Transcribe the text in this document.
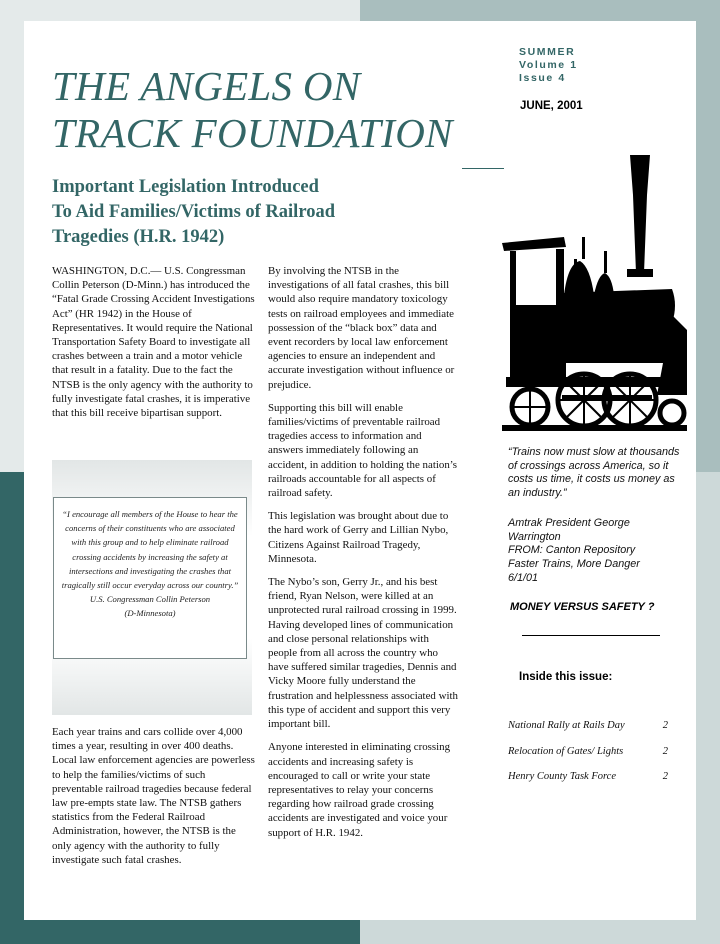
THE ANGELS ON
TRACK FOUNDATION
SUMMER
Volume 1
Issue 4
JUNE, 2001
Important Legislation Introduced
To Aid Families/Victims of Railroad
Tragedies (H.R. 1942)

WASHINGTON, D.C.— U.S. Congressman Collin Peterson (D-Minn.) has introduced the “Fatal Grade Crossing Accident Investigations Act” (HR 1942) in the House of Representatives. It would require the National Transportation Safety Board to investigate all crashes between a train and a motor vehicle that result in a fatality. Due to the fact the NTSB is the only agency with the authority to fully investigate fatal crashes, it is imperative that this bill receive bipartisan support.

“I encourage all members of the House to hear the concerns of their constituents who are associated with this group and to help eliminate railroad crossing accidents by increasing the safety at intersections and investigating the crashes that tragically still occur everyday across our country.”
U.S. Congressman Collin Peterson
(D-Minnesota)

Each year trains and cars collide over 4,000 times a year, resulting in over 400 deaths. Local law enforcement agencies are powerless to help the families/victims of such preventable railroad tragedies because federal law pre-empts state law. The NTSB gathers statistics from the Federal Railroad Administration, however, the NTSB is the only agency with the authority to fully investigate such fatal crashes.

By involving the NTSB in the investigations of all fatal crashes, this bill would also require mandatory toxicology tests on railroad employees and immediate possession of the “black box” data and event recorders by local law enforcement agencies to ensure an independent and accurate investigation without influence or prejudice.

Supporting this bill will enable families/victims of preventable railroad tragedies access to information and answers immediately following an accident, in addition to holding the nation’s railroads accountable for all aspects of railroad safety.

This legislation was brought about due to the hard work of Gerry and Lillian Nybo, Citizens Against Railroad Tragedy, Minnesota.

The Nybo’s son, Gerry Jr., and his best friend, Ryan Nelson, were killed at an unprotected rural railroad crossing in 1999. Having developed lines of communication and close personal relationships with people from all across the country who have suffered similar tragedies, Dennis and Vicky Moore fully understand the frustration and helplessness associated with this type of accident and support this very important bill.

Anyone interested in eliminating crossing accidents and increasing safety is encouraged to call or write your state representatives to relay your concerns regarding how railroad grade crossing accidents are investigated and voice your support of H.R. 1942.

“Trains now must slow at thousands of crossings across America, so it costs us time, it costs us money as an industry.”

Amtrak President George
Warrington
FROM: Canton Repository
Faster Trains, More Danger
6/1/01
MONEY VERSUS SAFETY ?
Inside this issue:
National Rally at Rails Day	2
Relocation of Gates/ Lights	2
Henry County Task Force	2
